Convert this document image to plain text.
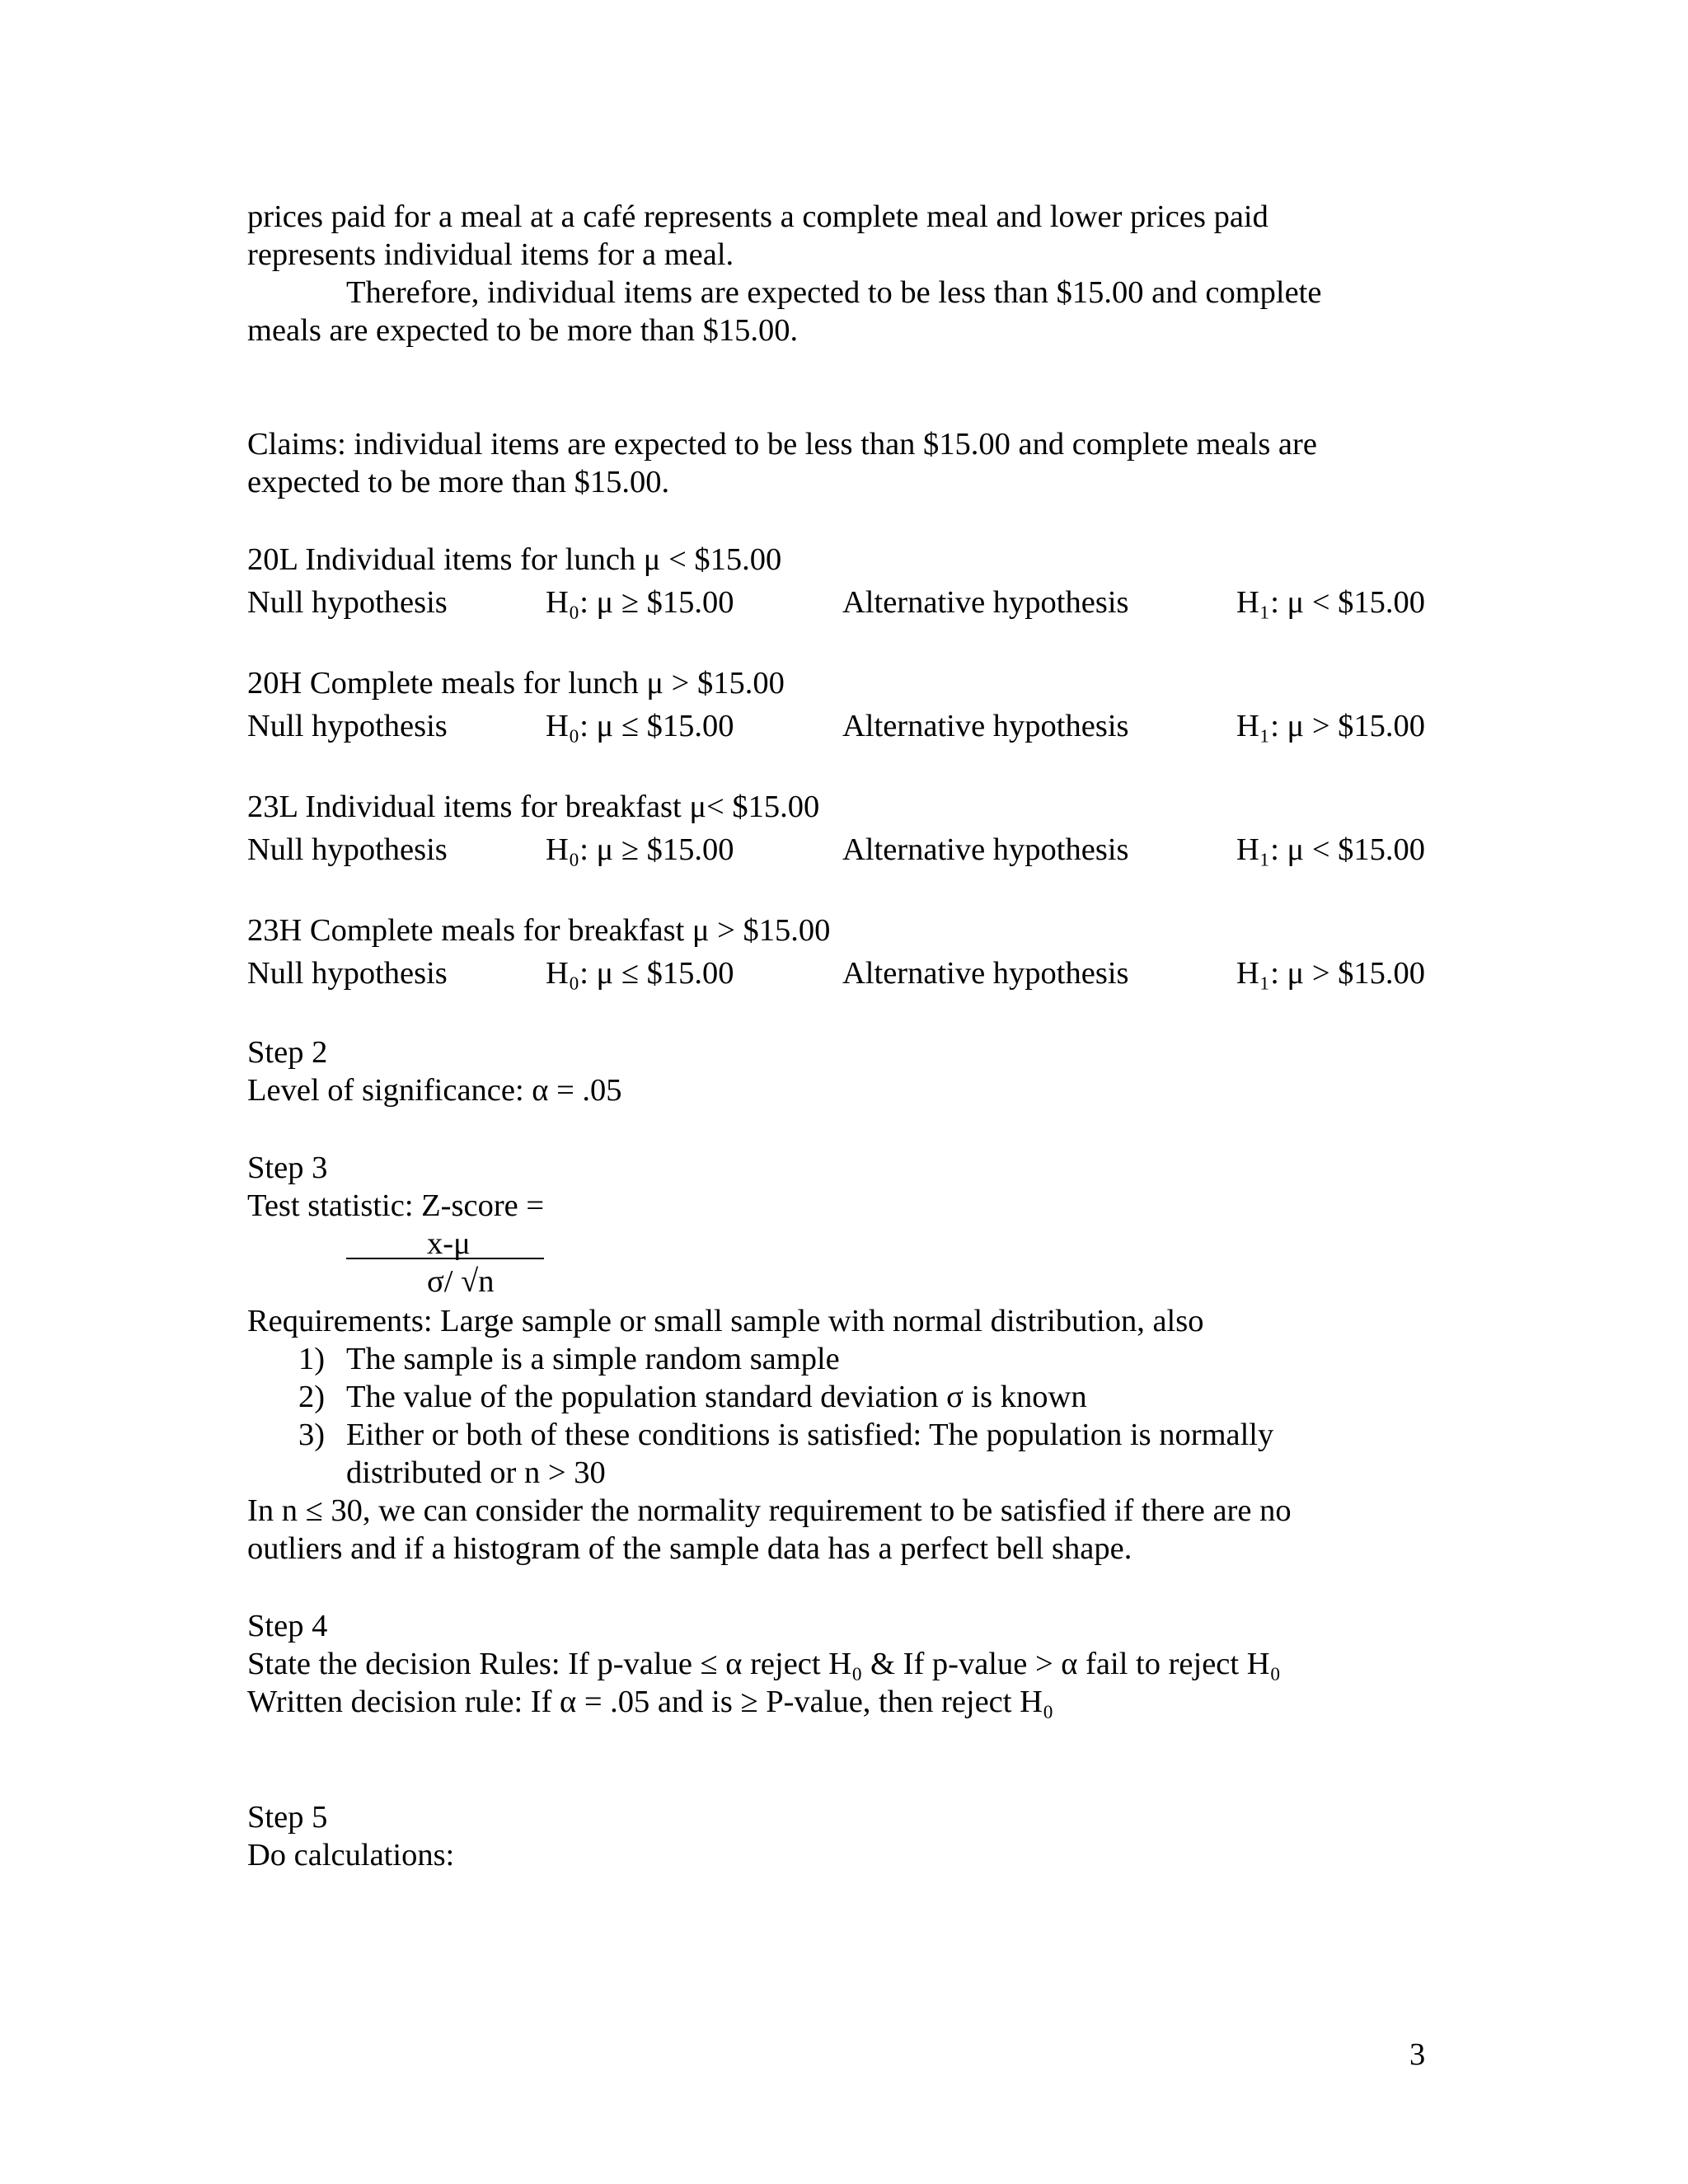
prices paid for a meal at a café represents a complete meal and lower prices paid
represents individual items for a meal.
Therefore, individual items are expected to be less than $15.00 and complete
meals are expected to be more than $15.00.
Claims: individual items are expected to be less than $15.00 and complete meals are
expected to be more than $15.00.
20L Individual items for lunch μ < $15.00
Null hypothesis	H₀: μ ≥ $15.00	Alternative hypothesis	H₁: μ < $15.00
20H Complete meals for lunch μ > $15.00
Null hypothesis	H₀: μ ≤ $15.00	Alternative hypothesis	H₁: μ > $15.00
23L Individual items for breakfast μ< $15.00
Null hypothesis	H₀: μ ≥ $15.00	Alternative hypothesis	H₁: μ < $15.00
23H Complete meals for breakfast μ > $15.00
Null hypothesis	H₀: μ ≤ $15.00	Alternative hypothesis	H₁: μ > $15.00
Step 2
Level of significance: α = .05
Step 3
Test statistic: Z-score =
x-μ
σ/ √n
Requirements: Large sample or small sample with normal distribution, also
1) The sample is a simple random sample
2) The value of the population standard deviation σ is known
3) Either or both of these conditions is satisfied: The population is normally
distributed or n > 30
In n ≤ 30, we can consider the normality requirement to be satisfied if there are no
outliers and if a histogram of the sample data has a perfect bell shape.
Step 4
State the decision Rules: If p-value ≤ α reject H₀ & If p-value > α fail to reject H₀
Written decision rule: If α = .05 and is ≥ P-value, then reject H₀
Step 5
Do calculations:
3
